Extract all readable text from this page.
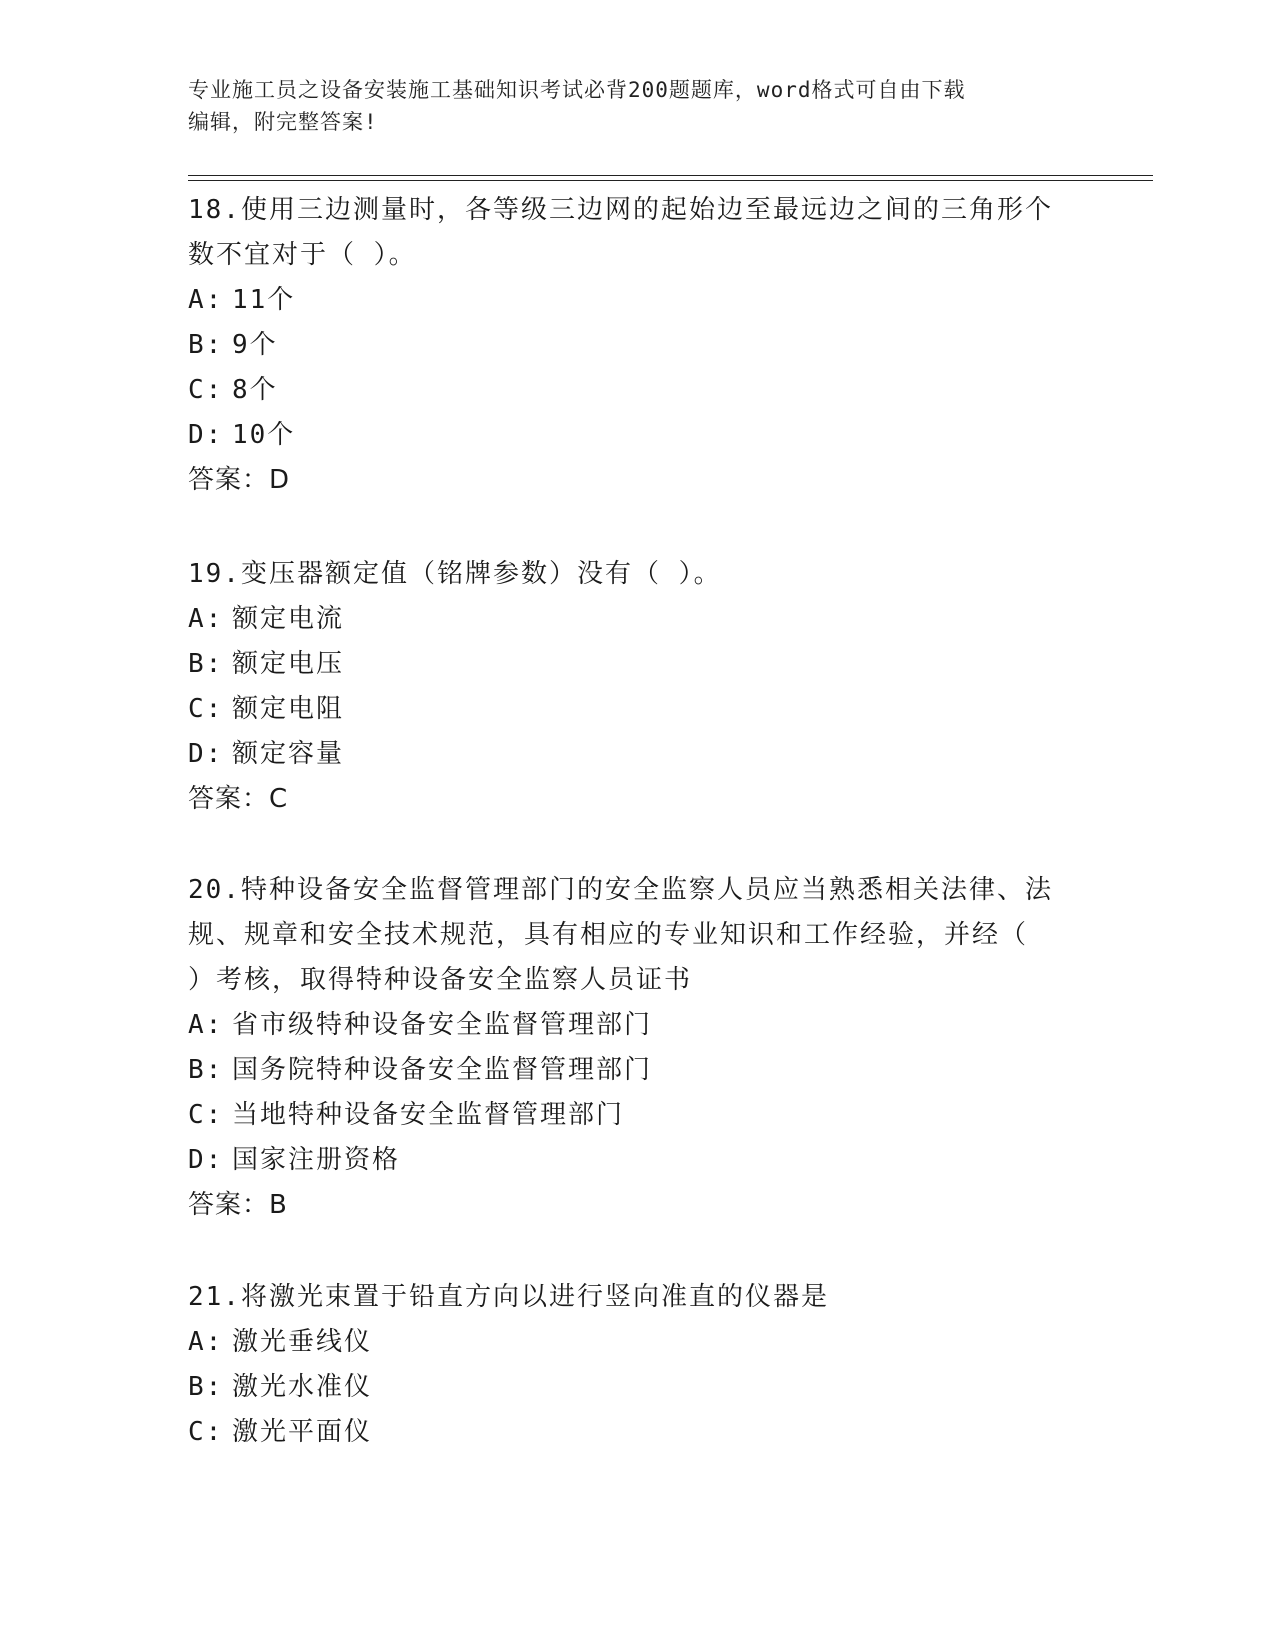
专业施工员之设备安装施工基础知识考试必背200题题库，word格式可自由下载
编辑，附完整答案!

18.使用三边测量时，各等级三边网的起始边至最远边之间的三角形个

数不宜对于（ ）。

A: 11个

B: 9个

C: 8个

D: 10个

答案：D

19.变压器额定值（铭牌参数）没有（ ）。

A: 额定电流

B: 额定电压

C: 额定电阻

D: 额定容量

答案：C

20.特种设备安全监督管理部门的安全监察人员应当熟悉相关法律、法

规、规章和安全技术规范，具有相应的专业知识和工作经验，并经（

）考核，取得特种设备安全监察人员证书

A: 省市级特种设备安全监督管理部门

B: 国务院特种设备安全监督管理部门

C: 当地特种设备安全监督管理部门

D: 国家注册资格

答案：B

21.将激光束置于铅直方向以进行竖向准直的仪器是

A: 激光垂线仪

B: 激光水准仪

C: 激光平面仪
